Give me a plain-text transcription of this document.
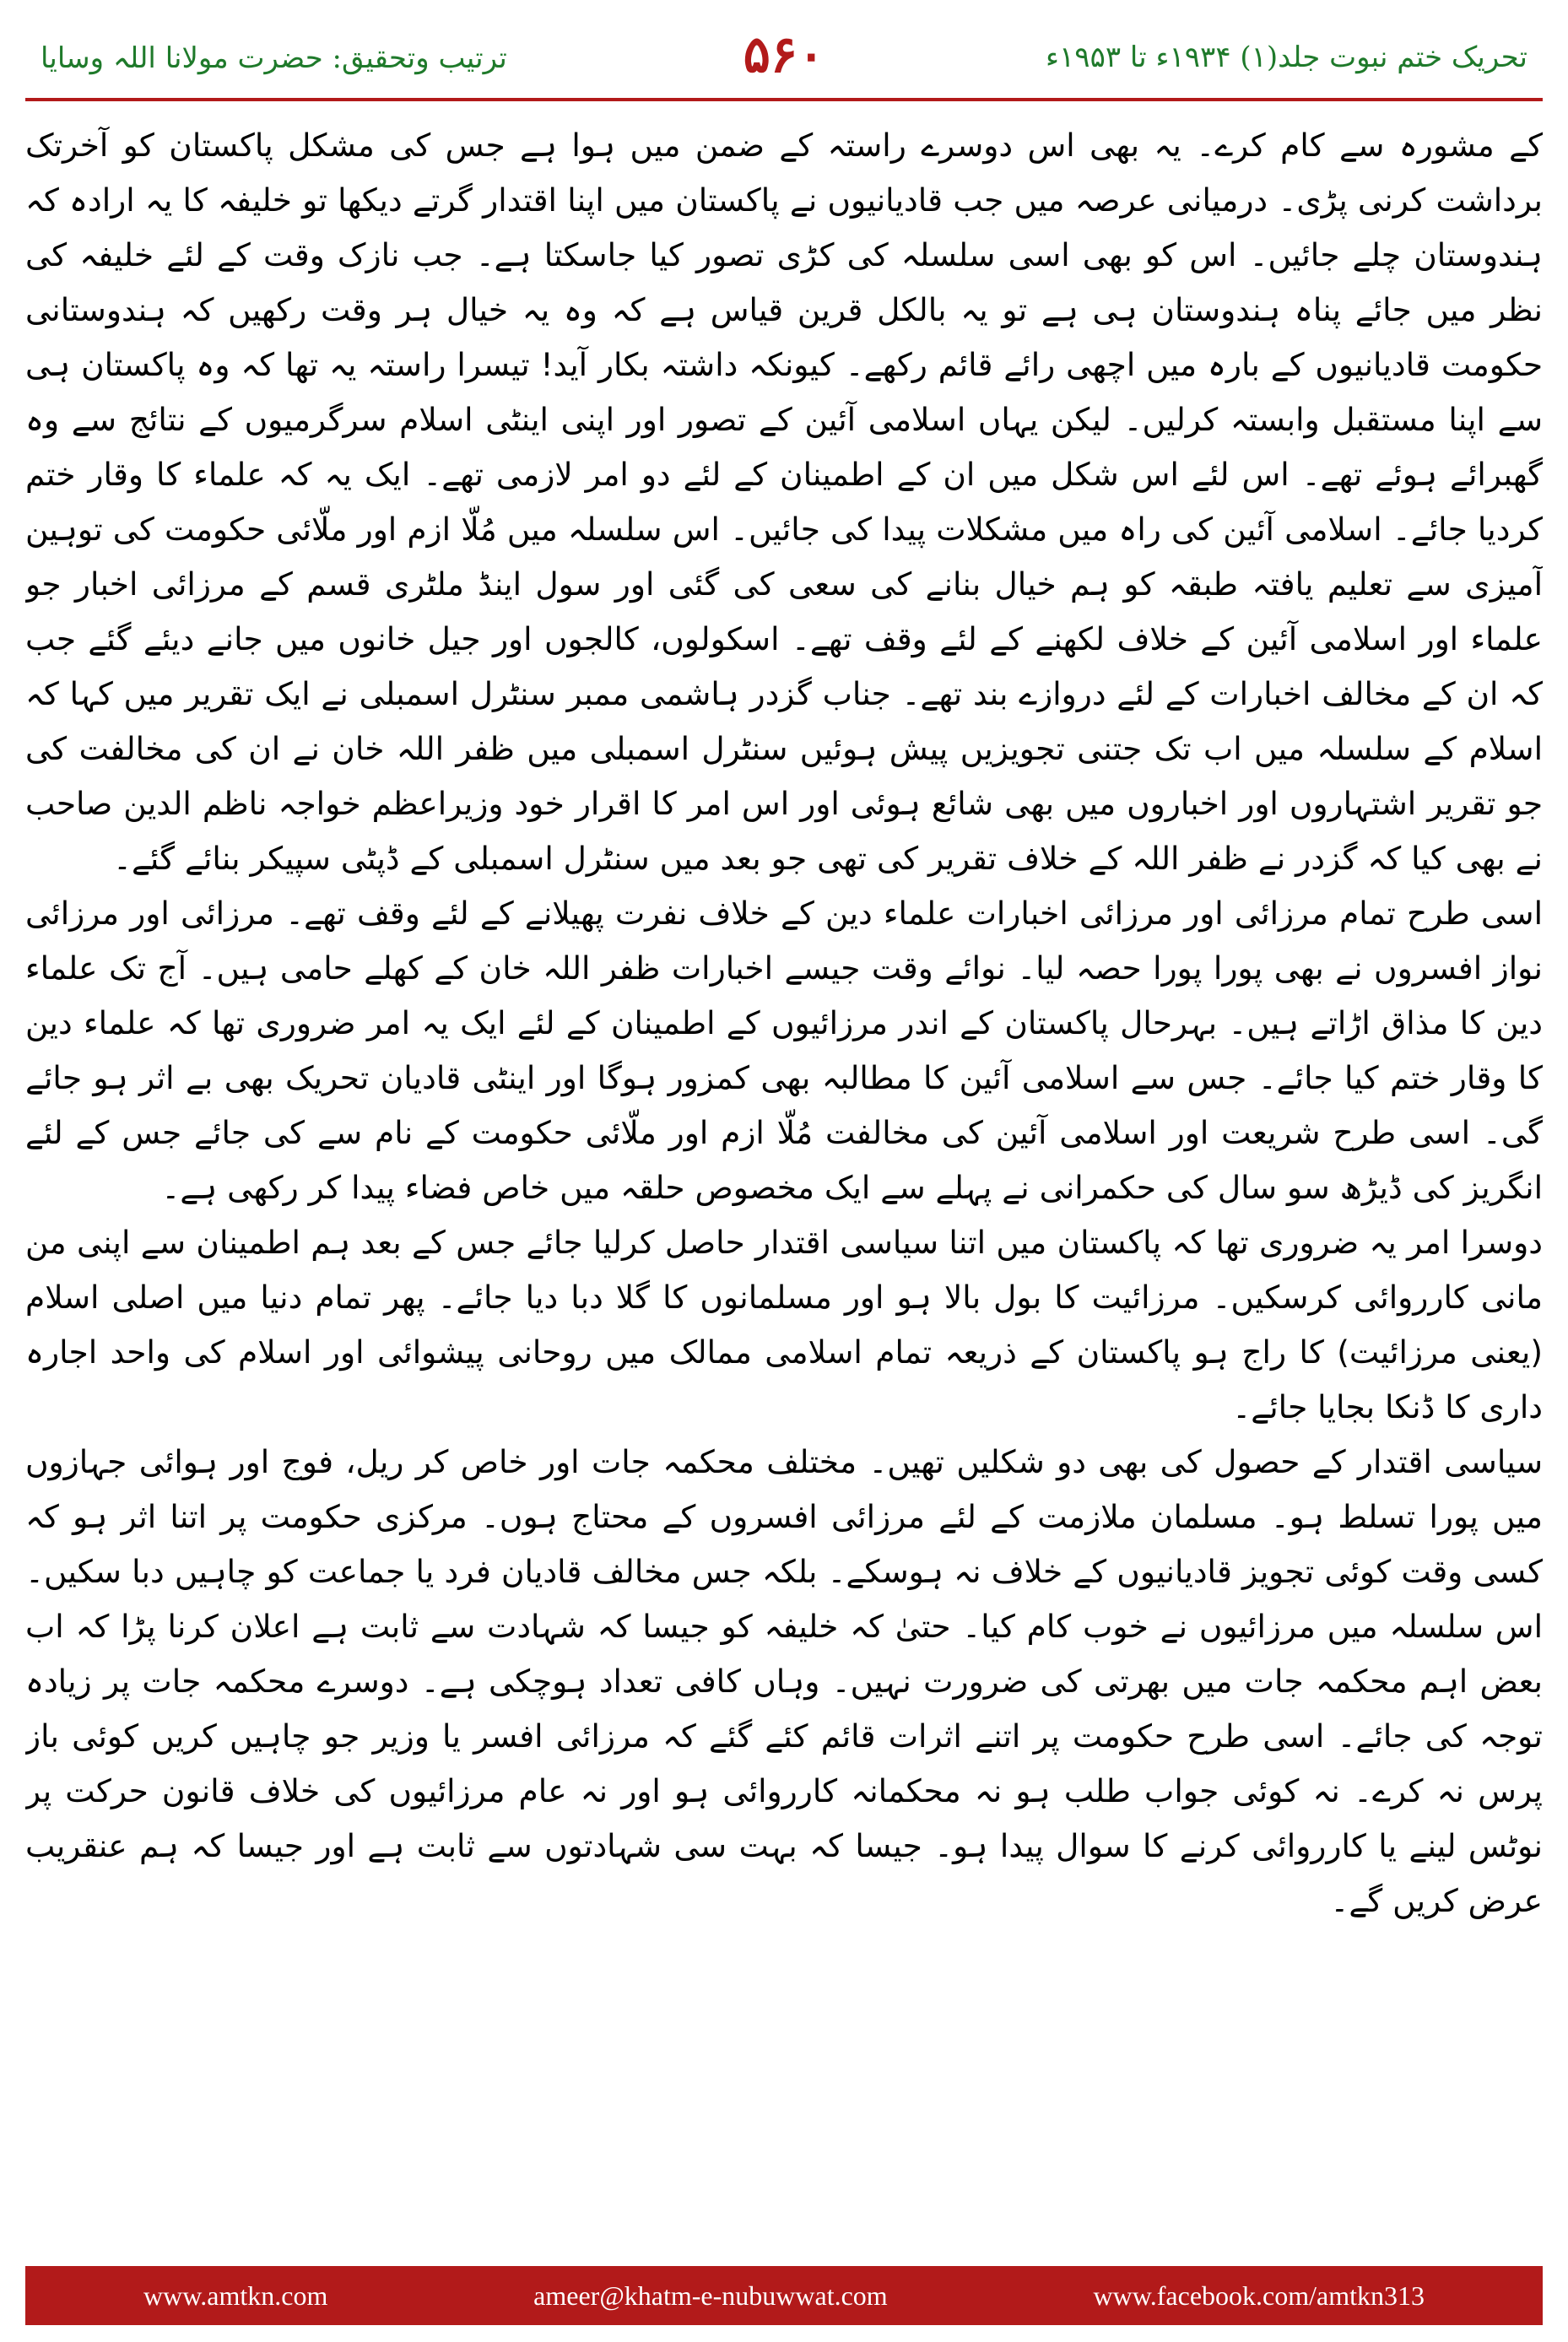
تحریک ختم نبوت جلد(۱) ۱۹۳۴ء تا ۱۹۵۳ء
۵۶۰
ترتیب وتحقیق: حضرت مولانا اللہ وسایا

کے مشورہ سے کام کرے۔ یہ بھی اس دوسرے راستہ کے ضمن میں ہوا ہے جس کی مشکل پاکستان کو آخرتک برداشت کرنی پڑی۔ درمیانی عرصہ میں جب قادیانیوں نے پاکستان میں اپنا اقتدار گرتے دیکھا تو خلیفہ کا یہ ارادہ کہ ہندوستان چلے جائیں۔ اس کو بھی اسی سلسلہ کی کڑی تصور کیا جاسکتا ہے۔ جب نازک وقت کے لئے خلیفہ کی نظر میں جائے پناہ ہندوستان ہی ہے تو یہ بالکل قرین قیاس ہے کہ وہ یہ خیال ہر وقت رکھیں کہ ہندوستانی حکومت قادیانیوں کے بارہ میں اچھی رائے قائم رکھے۔ کیونکہ داشتہ بکار آید! تیسرا راستہ یہ تھا کہ وہ پاکستان ہی سے اپنا مستقبل وابستہ کرلیں۔ لیکن یہاں اسلامی آئین کے تصور اور اپنی اینٹی اسلام سرگرمیوں کے نتائج سے وہ گھبرائے ہوئے تھے۔ اس لئے اس شکل میں ان کے اطمینان کے لئے دو امر لازمی تھے۔ ایک یہ کہ علماء کا وقار ختم کردیا جائے۔ اسلامی آئین کی راہ میں مشکلات پیدا کی جائیں۔ اس سلسلہ میں مُلّا ازم اور ملّائی حکومت کی توہین آمیزی سے تعلیم یافتہ طبقہ کو ہم خیال بنانے کی سعی کی گئی اور سول اینڈ ملٹری قسم کے مرزائی اخبار جو علماء اور اسلامی آئین کے خلاف لکھنے کے لئے وقف تھے۔ اسکولوں، کالجوں اور جیل خانوں میں جانے دیئے گئے جب کہ ان کے مخالف اخبارات کے لئے دروازے بند تھے۔ جناب گزدر ہاشمی ممبر سنٹرل اسمبلی نے ایک تقریر میں کہا کہ اسلام کے سلسلہ میں اب تک جتنی تجویزیں پیش ہوئیں سنٹرل اسمبلی میں ظفر اللہ خان نے ان کی مخالفت کی جو تقریر اشتہاروں اور اخباروں میں بھی شائع ہوئی اور اس امر کا اقرار خود وزیراعظم خواجہ ناظم الدین صاحب نے بھی کیا کہ گزدر نے ظفر اللہ کے خلاف تقریر کی تھی جو بعد میں سنٹرل اسمبلی کے ڈپٹی سپیکر بنائے گئے۔

اسی طرح تمام مرزائی اور مرزائی اخبارات علماء دین کے خلاف نفرت پھیلانے کے لئے وقف تھے۔ مرزائی اور مرزائی نواز افسروں نے بھی پورا پورا حصہ لیا۔ نوائے وقت جیسے اخبارات ظفر اللہ خان کے کھلے حامی ہیں۔ آج تک علماء دین کا مذاق اڑاتے ہیں۔ بہرحال پاکستان کے اندر مرزائیوں کے اطمینان کے لئے ایک یہ امر ضروری تھا کہ علماء دین کا وقار ختم کیا جائے۔ جس سے اسلامی آئین کا مطالبہ بھی کمزور ہوگا اور اینٹی قادیان تحریک بھی بے اثر ہو جائے گی۔ اسی طرح شریعت اور اسلامی آئین کی مخالفت مُلّا ازم اور ملّائی حکومت کے نام سے کی جائے جس کے لئے انگریز کی ڈیڑھ سو سال کی حکمرانی نے پہلے سے ایک مخصوص حلقہ میں خاص فضاء پیدا کر رکھی ہے۔

دوسرا امر یہ ضروری تھا کہ پاکستان میں اتنا سیاسی اقتدار حاصل کرلیا جائے جس کے بعد ہم اطمینان سے اپنی من مانی کارروائی کرسکیں۔ مرزائیت کا بول بالا ہو اور مسلمانوں کا گلا دبا دیا جائے۔ پھر تمام دنیا میں اصلی اسلام (یعنی مرزائیت) کا راج ہو پاکستان کے ذریعہ تمام اسلامی ممالک میں روحانی پیشوائی اور اسلام کی واحد اجارہ داری کا ڈنکا بجایا جائے۔

سیاسی اقتدار کے حصول کی بھی دو شکلیں تھیں۔ مختلف محکمہ جات اور خاص کر ریل، فوج اور ہوائی جہازوں میں پورا تسلط ہو۔ مسلمان ملازمت کے لئے مرزائی افسروں کے محتاج ہوں۔ مرکزی حکومت پر اتنا اثر ہو کہ کسی وقت کوئی تجویز قادیانیوں کے خلاف نہ ہوسکے۔ بلکہ جس مخالف قادیان فرد یا جماعت کو چاہیں دبا سکیں۔ اس سلسلہ میں مرزائیوں نے خوب کام کیا۔ حتیٰ کہ خلیفہ کو جیسا کہ شہادت سے ثابت ہے اعلان کرنا پڑا کہ اب بعض اہم محکمہ جات میں بھرتی کی ضرورت نہیں۔ وہاں کافی تعداد ہوچکی ہے۔ دوسرے محکمہ جات پر زیادہ توجہ کی جائے۔ اسی طرح حکومت پر اتنے اثرات قائم کئے گئے کہ مرزائی افسر یا وزیر جو چاہیں کریں کوئی باز پرس نہ کرے۔ نہ کوئی جواب طلب ہو نہ محکمانہ کارروائی ہو اور نہ عام مرزائیوں کی خلاف قانون حرکت پر نوٹس لینے یا کارروائی کرنے کا سوال پیدا ہو۔ جیسا کہ بہت سی شہادتوں سے ثابت ہے اور جیسا کہ ہم عنقریب عرض کریں گے۔

www.amtkn.com	ameer@khatm-e-nubuwwat.com	www.facebook.com/amtkn313
